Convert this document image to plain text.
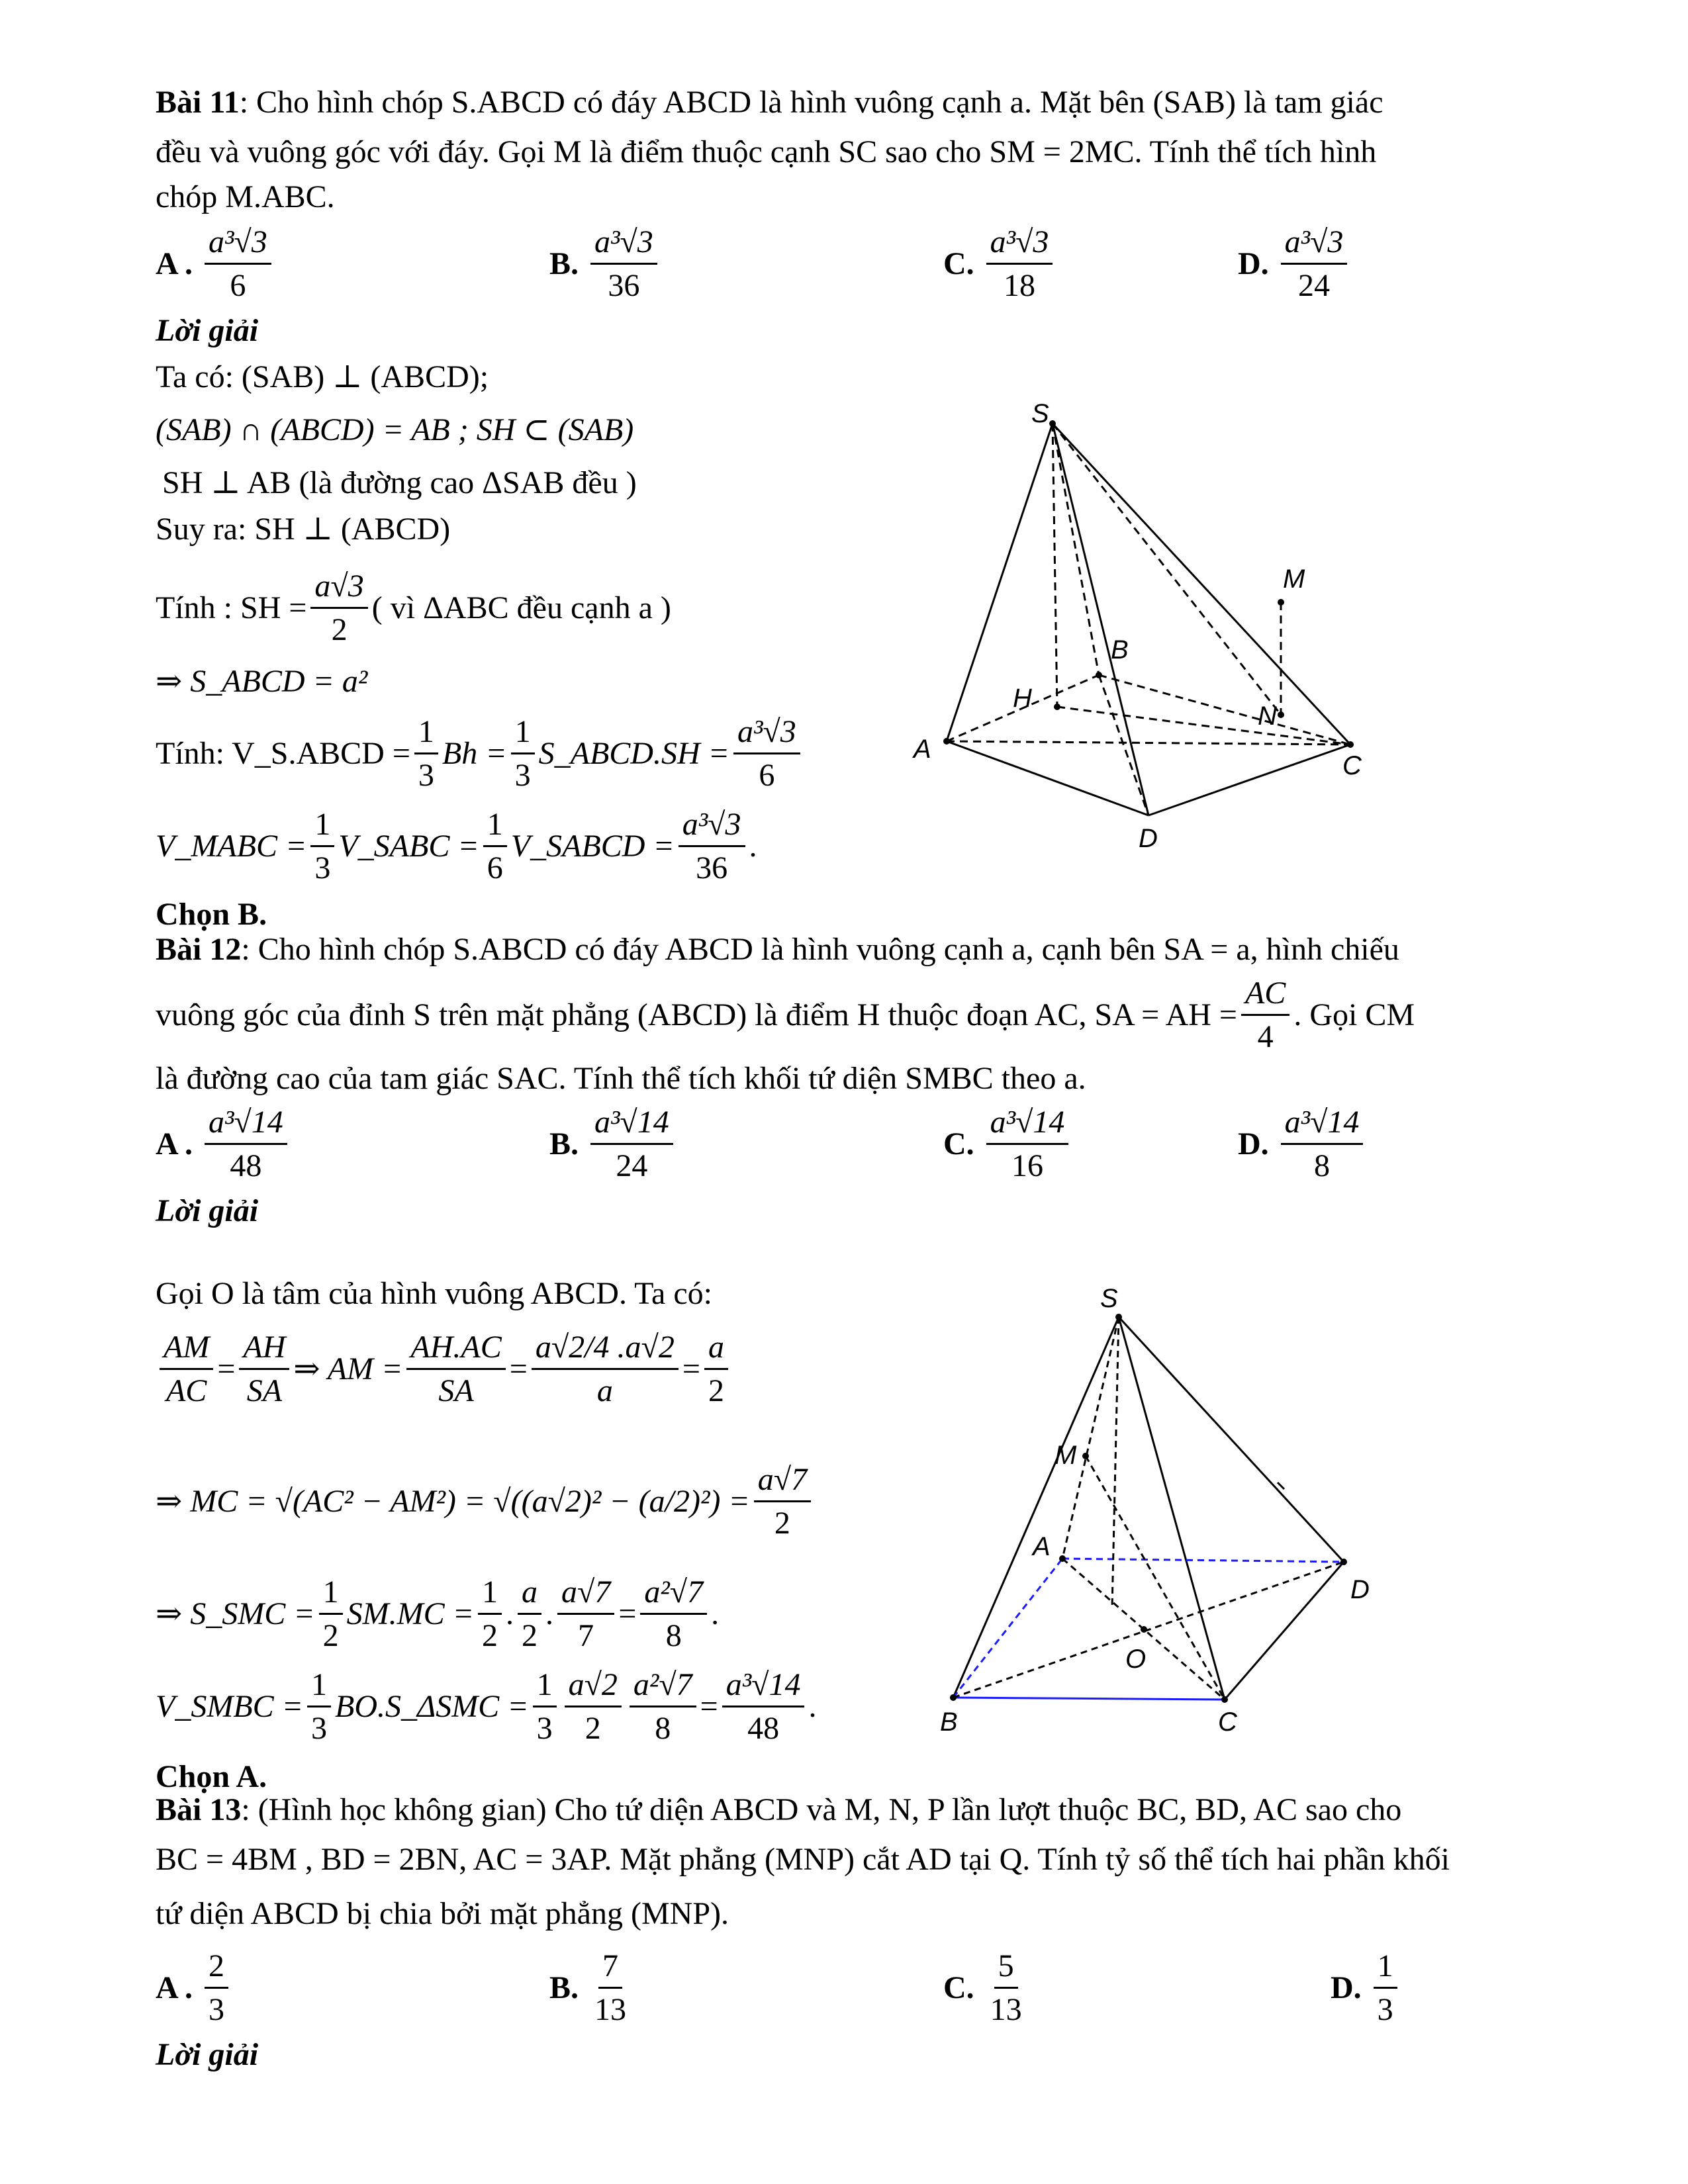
Bài 11: Cho hình chóp S.ABCD có đáy ABCD là hình vuông cạnh a. Mặt bên (SAB) là tam giác
đều và vuông góc với đáy. Gọi M là điểm thuộc cạnh SC sao cho SM = 2MC. Tính thể tích hình
chóp M.ABC.
A . $\frac{\text{a³√3}}{6}$	B. $\frac{\text{a³√3}}{36}$	C. $\frac{\text{a³√3}}{18}$	D. $\frac{\text{a³√3}}{24}$
Lời giải
Ta có: (SAB) ⊥ (ABCD);
(SAB) ∩ (ABCD) = AB ; SH ⊂ (SAB)
SH ⊥ AB (là đường cao ΔSAB đều )
Suy ra: SH ⊥ (ABCD)
Tính : SH = $\frac{a√3}{2}$ ( vì ΔABC đều cạnh a )
⇒ S_ABCD = a²
Tính: V_S.ABCD = $\frac{1}{3}$ $Bh = \frac{1}{3}$ S_ABCD.SH = $\frac{\text{a³√3}}{6}$
V_MABC = $\frac{1}{3}$ V_SABC = $\frac{1}{6}$ V_SABCD = $\frac{\text{a³√3}}{36}$ .
Chọn B.
S
M
B
H
N
A
C
D
Bài 12: Cho hình chóp S.ABCD có đáy ABCD là hình vuông cạnh a, cạnh bên SA = a, hình chiếu
vuông góc của đỉnh S trên mặt phẳng (ABCD) là điểm H thuộc đoạn AC, SA = AH = $\frac{AC}{4}$ . Gọi CM
là đường cao của tam giác SAC. Tính thể tích khối tứ diện SMBC theo a.
A . $\frac{\text{a³√14}}{48}$	B. $\frac{\text{a³√14}}{24}$	C. $\frac{\text{a³√14}}{16}$	D. $\frac{\text{a³√14}}{8}$
Lời giải
Gọi O là tâm của hình vuông ABCD. Ta có:
$\frac{AM}{AC} = \frac{AH}{SA}$ ⇒ AM = $\frac{AH.AC}{SA} = \frac{a√2/4 .a√2}{a} = \frac{a}{2}$
⇒ MC = $√(AC^2 - AM^2) = √((a√2)^2 - (a/2)^2) = \frac{a√7}{2}$
⇒ S_SMC = $\frac{1}{2} SM.MC = \frac{1}{2}$ . $\frac{a}{2}$ . $\frac{a√7}{7} = \frac{\text{a²√7}}{8}$ .
V_SMBC = $\frac{1}{3}$ BO.S_ΔSMC = $\frac{1}{3} \frac{a√2}{2} \frac{\text{a²√7}}{8} = \frac{\text{a³√14}}{48}$ .
Chọn A.
S
M
A
D
O
B	C
Bài 13: (Hình học không gian) Cho tứ diện ABCD và M, N, P lần lượt thuộc BC, BD, AC sao cho
BC = 4BM , BD = 2BN, AC = 3AP. Mặt phẳng (MNP) cắt AD tại Q. Tính tỷ số thể tích hai phần khối
tứ diện ABCD bị chia bởi mặt phẳng (MNP).
A . $\frac{2}{3}$	B. $\frac{7}{13}$	C. $\frac{5}{13}$	D. $\frac{1}{3}$
Lời giải
